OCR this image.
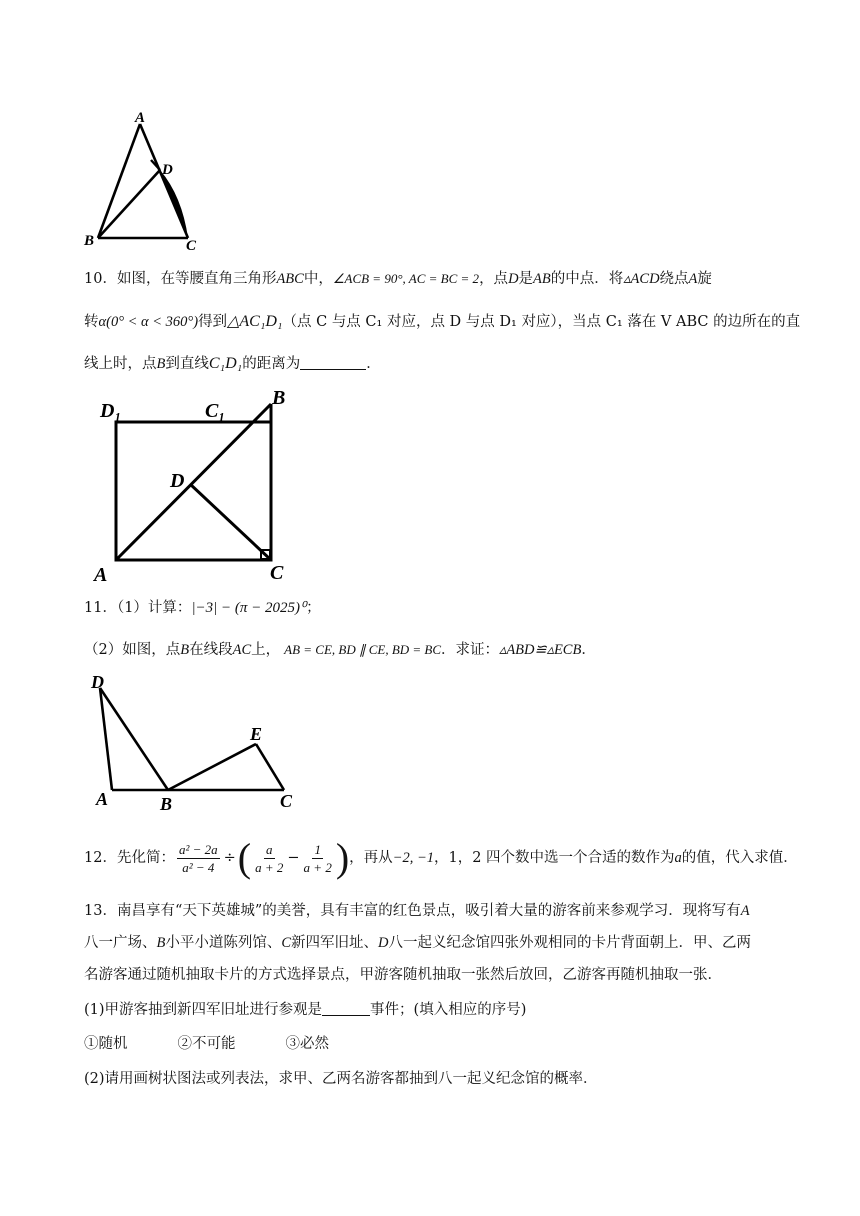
A
D
B	C
10．如图，在等腰直角三角形ABC中，∠ACB = 90°, AC = BC = 2，点D是AB的中点．将▵ACD绕点A旋
转α(0° < α < 360°)得到△AC₁D₁（点 C 与点 C₁ 对应，点 D 与点 D₁ 对应），当点 C₁ 落在 V ABC 的边所在的直
线上时，点B到直线C₁D₁的距离为	．
D₁	C₁
B
D
A	C
11．（1）计算：|−3| − (π − 2025)⁰；
（2）如图，点B在线段AC上， AB = CE, BD ∥ CE, BD = BC．求证：▵ABD≌▵ECB．
D
A	B
E
C
12． 先化简： $\frac{\text{a² − 2a}}{\text{a² − 4}}$ ÷ ( $\frac{a}{a + 2} - \frac{1}{a + 2}$ ) ，再从 −2, −1 ，1，2 四个数中选一个合适的数作为 a 的值，代入求值．
13．南昌享有“天下英雄城”的美誉，具有丰富的红色景点，吸引着大量的游客前来参观学习．现将写有A
八一广场、B小平小道陈列馆、C新四军旧址、D八一起义纪念馆四张外观相同的卡片背面朝上．甲、乙两
名游客通过随机抽取卡片的方式选择景点，甲游客随机抽取一张然后放回，乙游客再随机抽取一张．
(1)甲游客抽到新四军旧址进行参观是	事件；(填入相应的序号)
①随机	②不可能	③必然
(2)请用画树状图法或列表法，求甲、乙两名游客都抽到八一起义纪念馆的概率．
